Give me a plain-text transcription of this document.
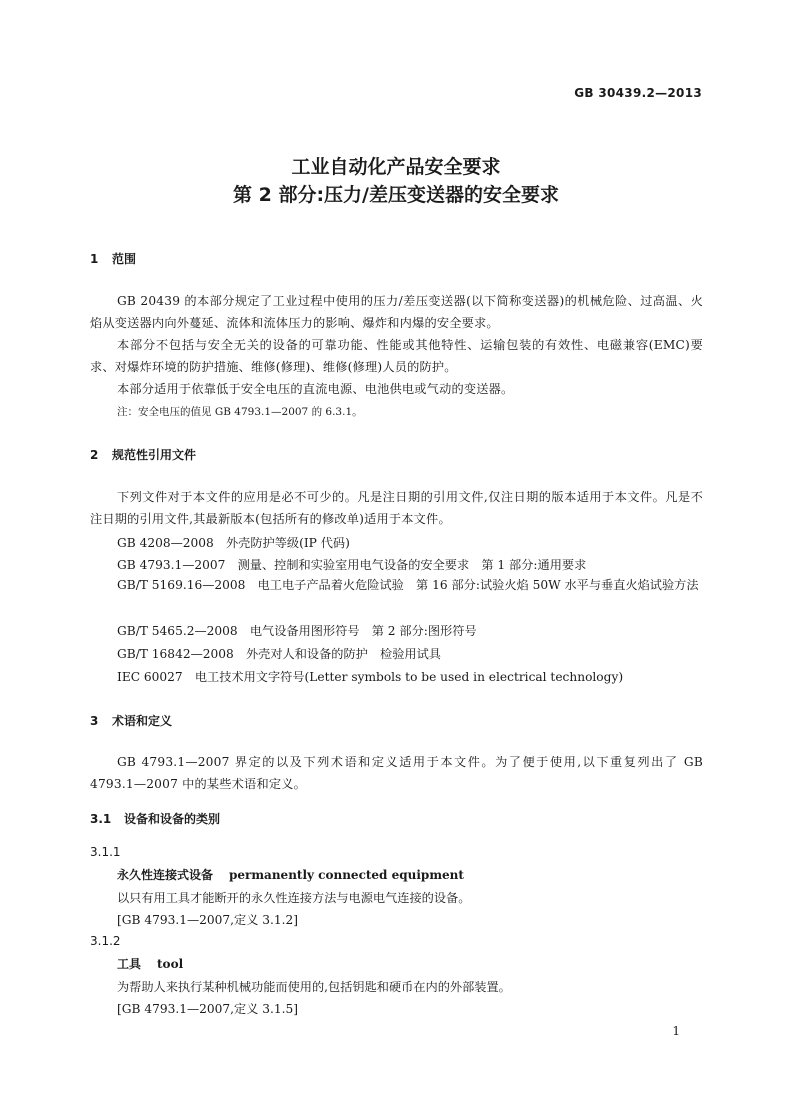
GB 30439.2—2013
工业自动化产品安全要求
第 2 部分:压力/差压变送器的安全要求
1 范围
GB 20439 的本部分规定了工业过程中使用的压力/差压变送器(以下简称变送器)的机械危险、过高温、火焰从变送器内向外蔓延、流体和流体压力的影响、爆炸和内爆的安全要求。
本部分不包括与安全无关的设备的可靠功能、性能或其他特性、运输包装的有效性、电磁兼容(EMC)要求、对爆炸环境的防护措施、维修(修理)、维修(修理)人员的防护。
本部分适用于依靠低于安全电压的直流电源、电池供电或气动的变送器。
注：安全电压的值见 GB 4793.1—2007 的 6.3.1。
2 规范性引用文件
下列文件对于本文件的应用是必不可少的。凡是注日期的引用文件,仅注日期的版本适用于本文件。凡是不注日期的引用文件,其最新版本(包括所有的修改单)适用于本文件。
GB 4208—2008　外壳防护等级(IP 代码)
GB 4793.1—2007　测量、控制和实验室用电气设备的安全要求　第 1 部分:通用要求
GB/T 5169.16—2008　电工电子产品着火危险试验　第 16 部分:试验火焰 50W 水平与垂直火焰试验方法
GB/T 5465.2—2008　电气设备用图形符号　第 2 部分:图形符号
GB/T 16842—2008　外壳对人和设备的防护　检验用试具
IEC 60027　电工技术用文字符号(Letter symbols to be used in electrical technology)
3 术语和定义
GB 4793.1—2007 界定的以及下列术语和定义适用于本文件。为了便于使用,以下重复列出了 GB 4793.1—2007 中的某些术语和定义。
3.1 设备和设备的类别
3.1.1
永久性连接式设备 permanently connected equipment
以只有用工具才能断开的永久性连接方法与电源电气连接的设备。
[GB 4793.1—2007,定义 3.1.2]
3.1.2
工具 tool
为帮助人来执行某种机械功能而使用的,包括钥匙和硬币在内的外部装置。
[GB 4793.1—2007,定义 3.1.5]
1
